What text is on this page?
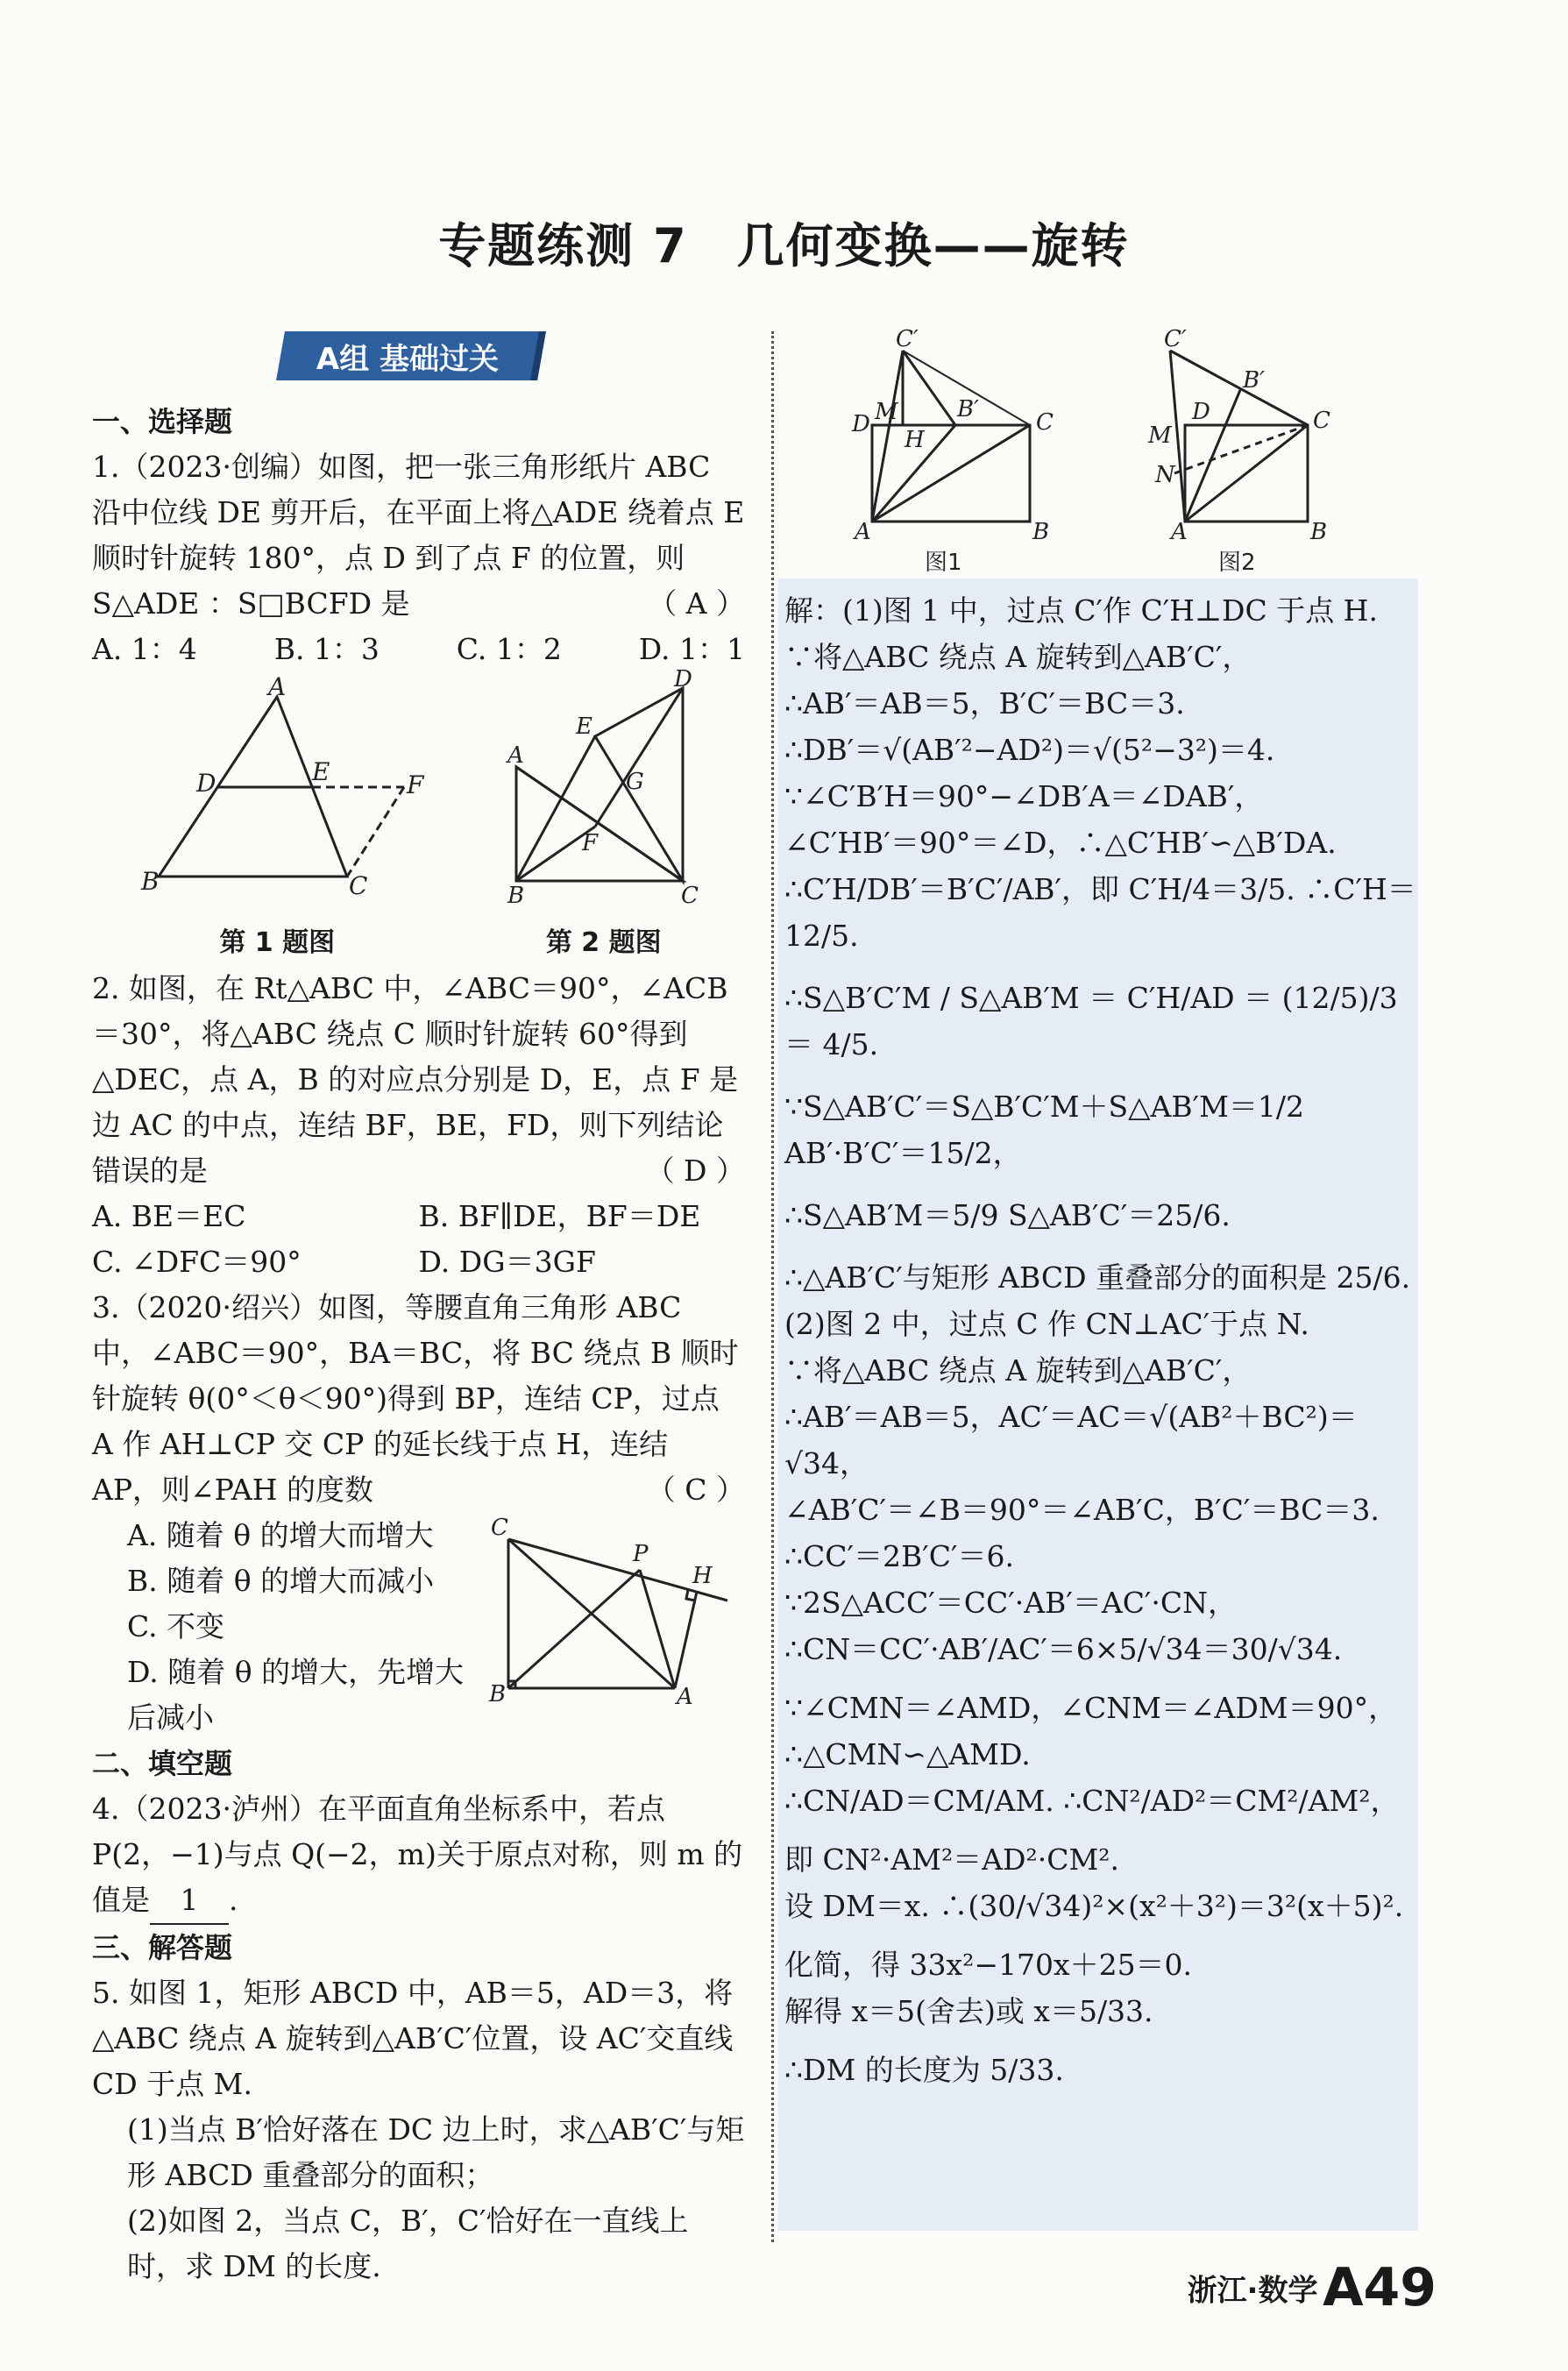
专题练测 7　几何变换——旋转
A组 基础过关
一、选择题

1.（2023·创编）如图，把一张三角形纸片 ABC 沿中位线 DE 剪开后，在平面上将△ADE 绕着点 E 顺时针旋转 180°，点 D 到了点 F 的位置，则 S△ADE ：S□BCFD 是	（ A ）

A. 1：4	B. 1：3	C. 1：2	D. 1：1
A
D	E	F
B	C
第 1 题图
A
D
E
G
F
B	C
第 2 题图

2. 如图，在 Rt△ABC 中，∠ABC＝90°，∠ACB＝30°，将△ABC 绕点 C 顺时针旋转 60°得到△DEC，点 A，B 的对应点分别是 D，E，点 F 是边 AC 的中点，连结 BF，BE，FD，则下列结论错误的是	（ D ）

A. BE＝EC	B. BF∥DE，BF＝DE
C. ∠DFC＝90°	D. DG＝3GF

3.（2020·绍兴）如图，等腰直角三角形 ABC 中，∠ABC＝90°，BA＝BC，将 BC 绕点 B 顺时针旋转 θ(0°＜θ＜90°)得到 BP，连结 CP，过点 A 作 AH⊥CP 交 CP 的延长线于点 H，连结 AP，则∠PAH 的度数	（ C ）

A. 随着 θ 的增大而增大
B. 随着 θ 的增大而减小
C. 不变
D. 随着 θ 的增大，先增大后减小
C
P
H
B	A
二、填空题

4.（2023·泸州）在平面直角坐标系中，若点 P(2，−1)与点 Q(−2，m)关于原点对称，则 m 的值是 1 .

三、解答题

5. 如图 1，矩形 ABCD 中，AB＝5，AD＝3，将△ABC 绕点 A 旋转到△AB′C′位置，设 AC′交直线 CD 于点 M.

(1)当点 B′恰好落在 DC 边上时，求△AB′C′与矩形 ABCD 重叠部分的面积；

(2)如图 2，当点 C，B′，C′恰好在一直线上时，求 DM 的长度.

C′
M
D
H
B′ C
A	B
C′
B′
D
M
N
C
A	B
图1	图2

解：(1)图 1 中，过点 C′作 C′H⊥DC 于点 H.

∵将△ABC 绕点 A 旋转到△AB′C′，

∴AB′＝AB＝5，B′C′＝BC＝3.

∴DB′＝√(AB′²−AD²)＝√(5²−3²)＝4.

∵∠C′B′H＝90°−∠DB′A＝∠DAB′，

∠C′HB′＝90°＝∠D，∴△C′HB′∽△B′DA.

∴C′H/DB′＝B′C′/AB′，即 C′H/4＝3/5. ∴C′H＝12/5.

∴S△B′C′M / S△AB′M ＝ C′H/AD ＝ (12/5)/3 ＝ 4/5.

∵S△AB′C′＝S△B′C′M＋S△AB′M＝1/2 AB′·B′C′＝15/2，

∴S△AB′M＝5/9 S△AB′C′＝25/6.

∴△AB′C′与矩形 ABCD 重叠部分的面积是 25/6.

(2)图 2 中，过点 C 作 CN⊥AC′于点 N.

∵将△ABC 绕点 A 旋转到△AB′C′，

∴AB′＝AB＝5，AC′＝AC＝√(AB²＋BC²)＝√34，

∠AB′C′＝∠B＝90°＝∠AB′C，B′C′＝BC＝3.

∴CC′＝2B′C′＝6.

∵2S△ACC′＝CC′·AB′＝AC′·CN，

∴CN＝CC′·AB′/AC′＝6×5/√34＝30/√34.

∵∠CMN＝∠AMD，∠CNM＝∠ADM＝90°，

∴△CMN∽△AMD.

∴CN/AD＝CM/AM. ∴CN²/AD²＝CM²/AM²，

即 CN²·AM²＝AD²·CM².

设 DM＝x. ∴(30/√34)²×(x²＋3²)＝3²(x＋5)².

化简，得 33x²−170x＋25＝0.

解得 x＝5(舍去)或 x＝5/33.

∴DM 的长度为 5/33.

浙江·数学 A49
